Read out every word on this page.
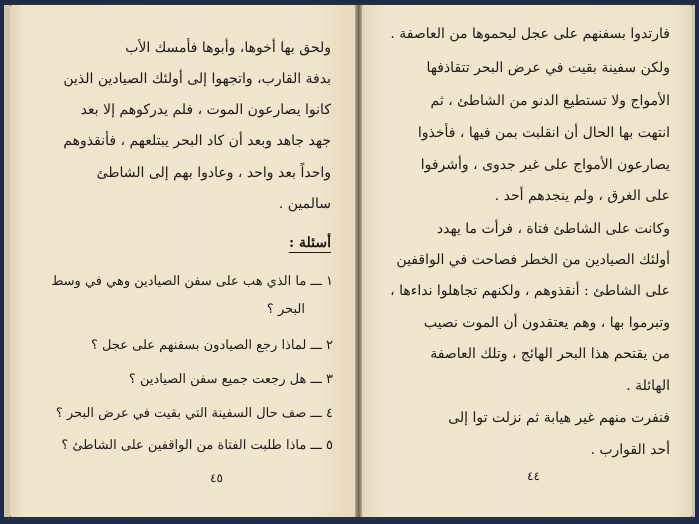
ولحق بها أخوها، وأبوها فأمسك الأب
بدفة القارب، واتجهوا إلى أولئك الصيادين الذين
كانوا يصارعون الموت ، فلم يدركوهم إلا بعد
جهد جاهد وبعد أن كاد البحر يبتلعهم ، فأنقذوهم
واحداً بعد واحد ، وعادوا بهم إلى الشاطئ
سالمين .
أسئلة :
١ ـــ ما الذي هب على سفن الصيادين وهي في وسط
البحر ؟
٢ ـــ لماذا رجع الصيادون بسفنهم على عجل ؟
٣ ـــ هل رجعت جميع سفن الصيادين ؟
٤ ـــ صف حال السفينة التي بقيت في عرض البحر ؟
٥ ـــ ماذا طلبت الفتاة من الواقفين على الشاطئ ؟
٤٥
فارتدوا بسفنهم على عجل ليحموها من العاصفة .
ولكن سفينة بقيت في عرض البحر تتقاذفها
الأمواج ولا تستطيع الدنو من الشاطئ ، ثم
انتهت بها الحال أن انقلبت بمن فيها ، فأخذوا
يصارعون الأمواج على غير جدوى ، وأشرفوا
على الغرق ، ولم ينجدهم أحد .
وكانت على الشاطئ فتاة ، فرأت ما يهدد
أولئك الصيادين من الخطر فصاحت في الواقفين
على الشاطئ : أنقذوهم ، ولكنهم تجاهلوا نداءها ،
وتبرموا بها ، وهم يعتقدون أن الموت نصيب
من يقتحم هذا البحر الهائج ، وتلك العاصفة
الهائلة .
فنفرت منهم غير هيابة ثم نزلت توا إلى
أحد القوارب .
٤٤
